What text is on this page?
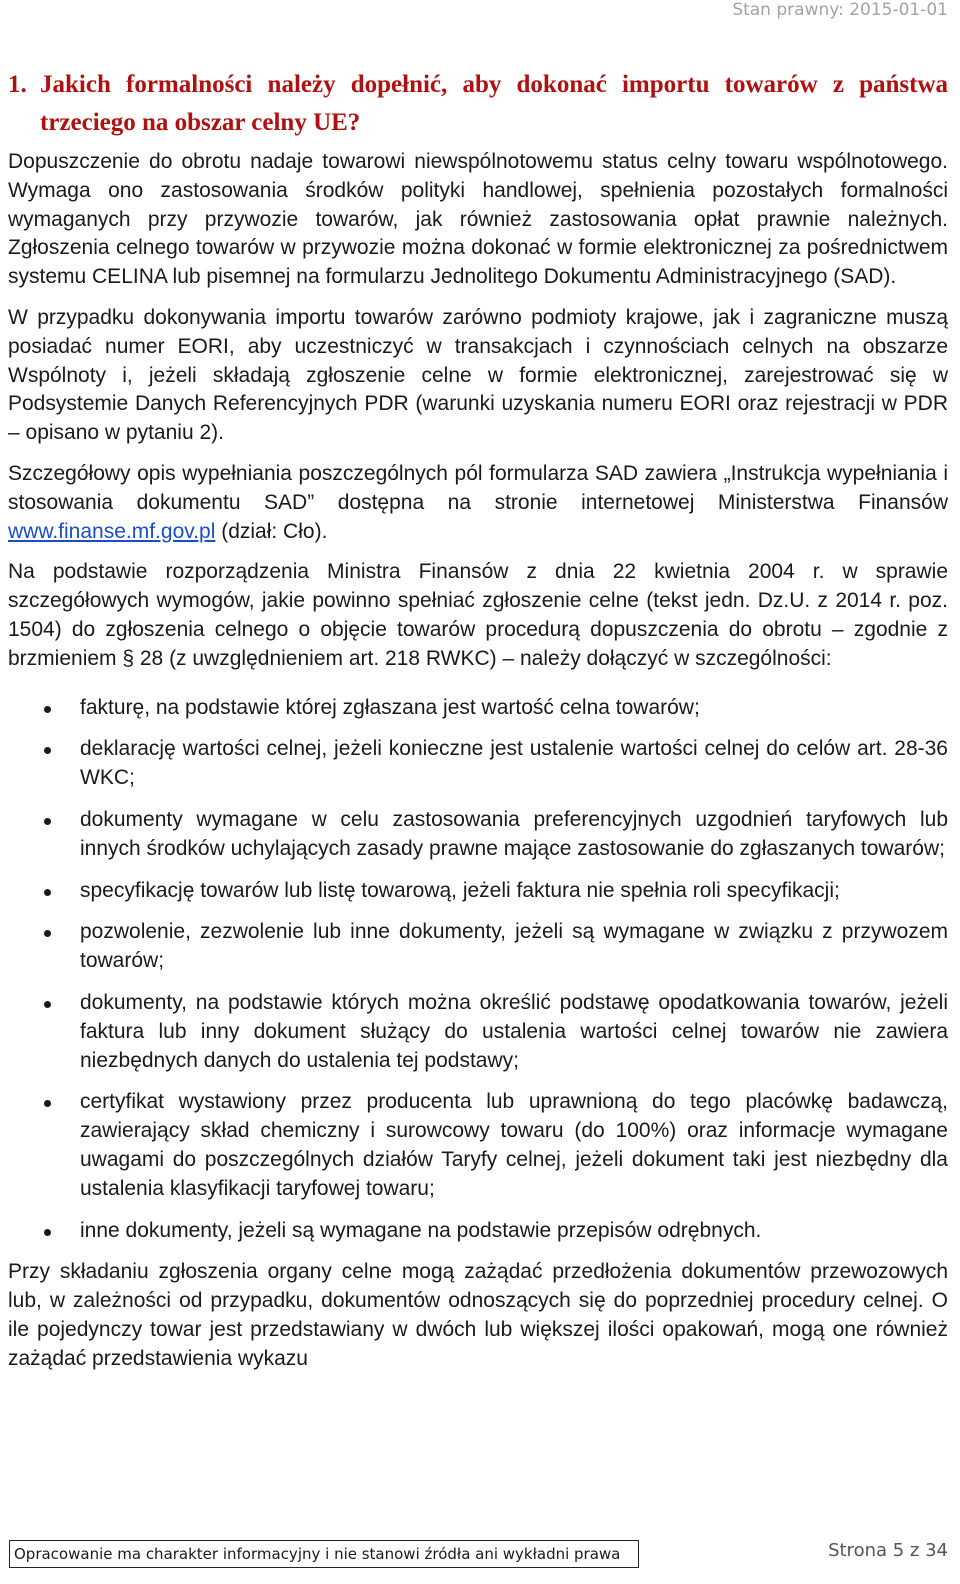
Stan prawny: 2015-01-01
1. Jakich formalności należy dopełnić, aby dokonać importu towarów z państwa trzeciego na obszar celny UE?

Dopuszczenie do obrotu nadaje towarowi niewspólnotowemu status celny towaru wspólnotowego. Wymaga ono zastosowania środków polityki handlowej, spełnienia pozostałych formalności wymaganych przy przywozie towarów, jak również zastosowania opłat prawnie należnych. Zgłoszenia celnego towarów w przywozie można dokonać w formie elektronicznej za pośrednictwem systemu CELINA lub pisemnej na formularzu Jednolitego Dokumentu Administracyjnego (SAD).

W przypadku dokonywania importu towarów zarówno podmioty krajowe, jak i zagraniczne muszą posiadać numer EORI, aby uczestniczyć w transakcjach i czynnościach celnych na obszarze Wspólnoty i, jeżeli składają zgłoszenie celne w formie elektronicznej, zarejestrować się w Podsystemie Danych Referencyjnych PDR (warunki uzyskania numeru EORI oraz rejestracji w PDR – opisano w pytaniu 2).

Szczegółowy opis wypełniania poszczególnych pól formularza SAD zawiera „Instrukcja wypełniania i stosowania dokumentu SAD” dostępna na stronie internetowej Ministerstwa Finansów www.finanse.mf.gov.pl (dział: Cło).

Na podstawie rozporządzenia Ministra Finansów z dnia 22 kwietnia 2004 r. w sprawie szczegółowych wymogów, jakie powinno spełniać zgłoszenie celne (tekst jedn. Dz.U. z 2014 r. poz. 1504) do zgłoszenia celnego o objęcie towarów procedurą dopuszczenia do obrotu – zgodnie z brzmieniem § 28 (z uwzględnieniem art. 218 RWKC) – należy dołączyć w szczególności:

fakturę, na podstawie której zgłaszana jest wartość celna towarów;
deklarację wartości celnej, jeżeli konieczne jest ustalenie wartości celnej do celów art. 28-36 WKC;
dokumenty wymagane w celu zastosowania preferencyjnych uzgodnień taryfowych lub innych środków uchylających zasady prawne mające zastosowanie do zgłaszanych towarów;
specyfikację towarów lub listę towarową, jeżeli faktura nie spełnia roli specyfikacji;
pozwolenie, zezwolenie lub inne dokumenty, jeżeli są wymagane w związku z przywozem towarów;
dokumenty, na podstawie których można określić podstawę opodatkowania towarów, jeżeli faktura lub inny dokument służący do ustalenia wartości celnej towarów nie zawiera niezbędnych danych do ustalenia tej podstawy;
certyfikat wystawiony przez producenta lub uprawnioną do tego placówkę badawczą, zawierający skład chemiczny i surowcowy towaru (do 100%) oraz informacje wymagane uwagami do poszczególnych działów Taryfy celnej, jeżeli dokument taki jest niezbędny dla ustalenia klasyfikacji taryfowej towaru;
inne dokumenty, jeżeli są wymagane na podstawie przepisów odrębnych.

Przy składaniu zgłoszenia organy celne mogą zażądać przedłożenia dokumentów przewozowych lub, w zależności od przypadku, dokumentów odnoszących się do poprzedniej procedury celnej. O ile pojedynczy towar jest przedstawiany w dwóch lub większej ilości opakowań, mogą one również zażądać przedstawienia wykazu

Opracowanie ma charakter informacyjny i nie stanowi źródła ani wykładni prawa	Strona 5 z 34
